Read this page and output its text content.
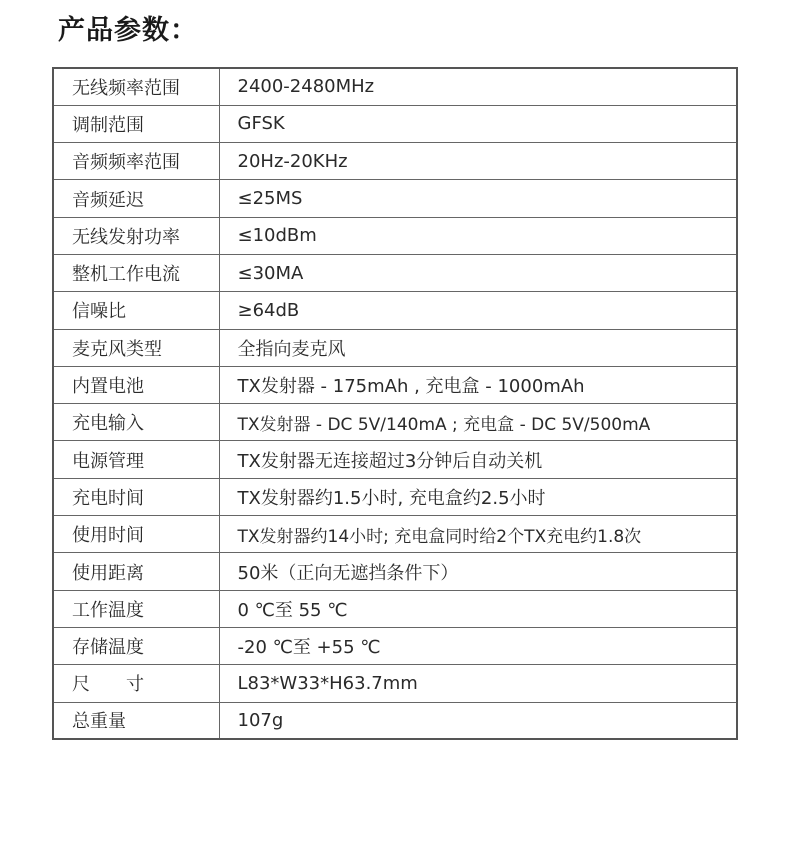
产品参数：
无线频率范围	2400-2480MHz
调制范围	GFSK
音频频率范围	20Hz-20KHz
音频延迟	≤25MS
无线发射功率	≤10dBm
整机工作电流	≤30MA
信噪比	≥64dB
麦克风类型	全指向麦克风
内置电池	TX发射器 - 175mAh , 充电盒 - 1000mAh
充电输入	TX发射器 - DC 5V/140mA ; 充电盒 - DC 5V/500mA
电源管理	TX发射器无连接超过3分钟后自动关机
充电时间	TX发射器约1.5小时, 充电盒约2.5小时
使用时间	TX发射器约14小时; 充电盒同时给2个TX充电约1.8次
使用距离	50米（正向无遮挡条件下）
工作温度	0 ℃至 55 ℃
存储温度	-20 ℃至 +55 ℃
尺　　寸	L83*W33*H63.7mm
总重量	107g
